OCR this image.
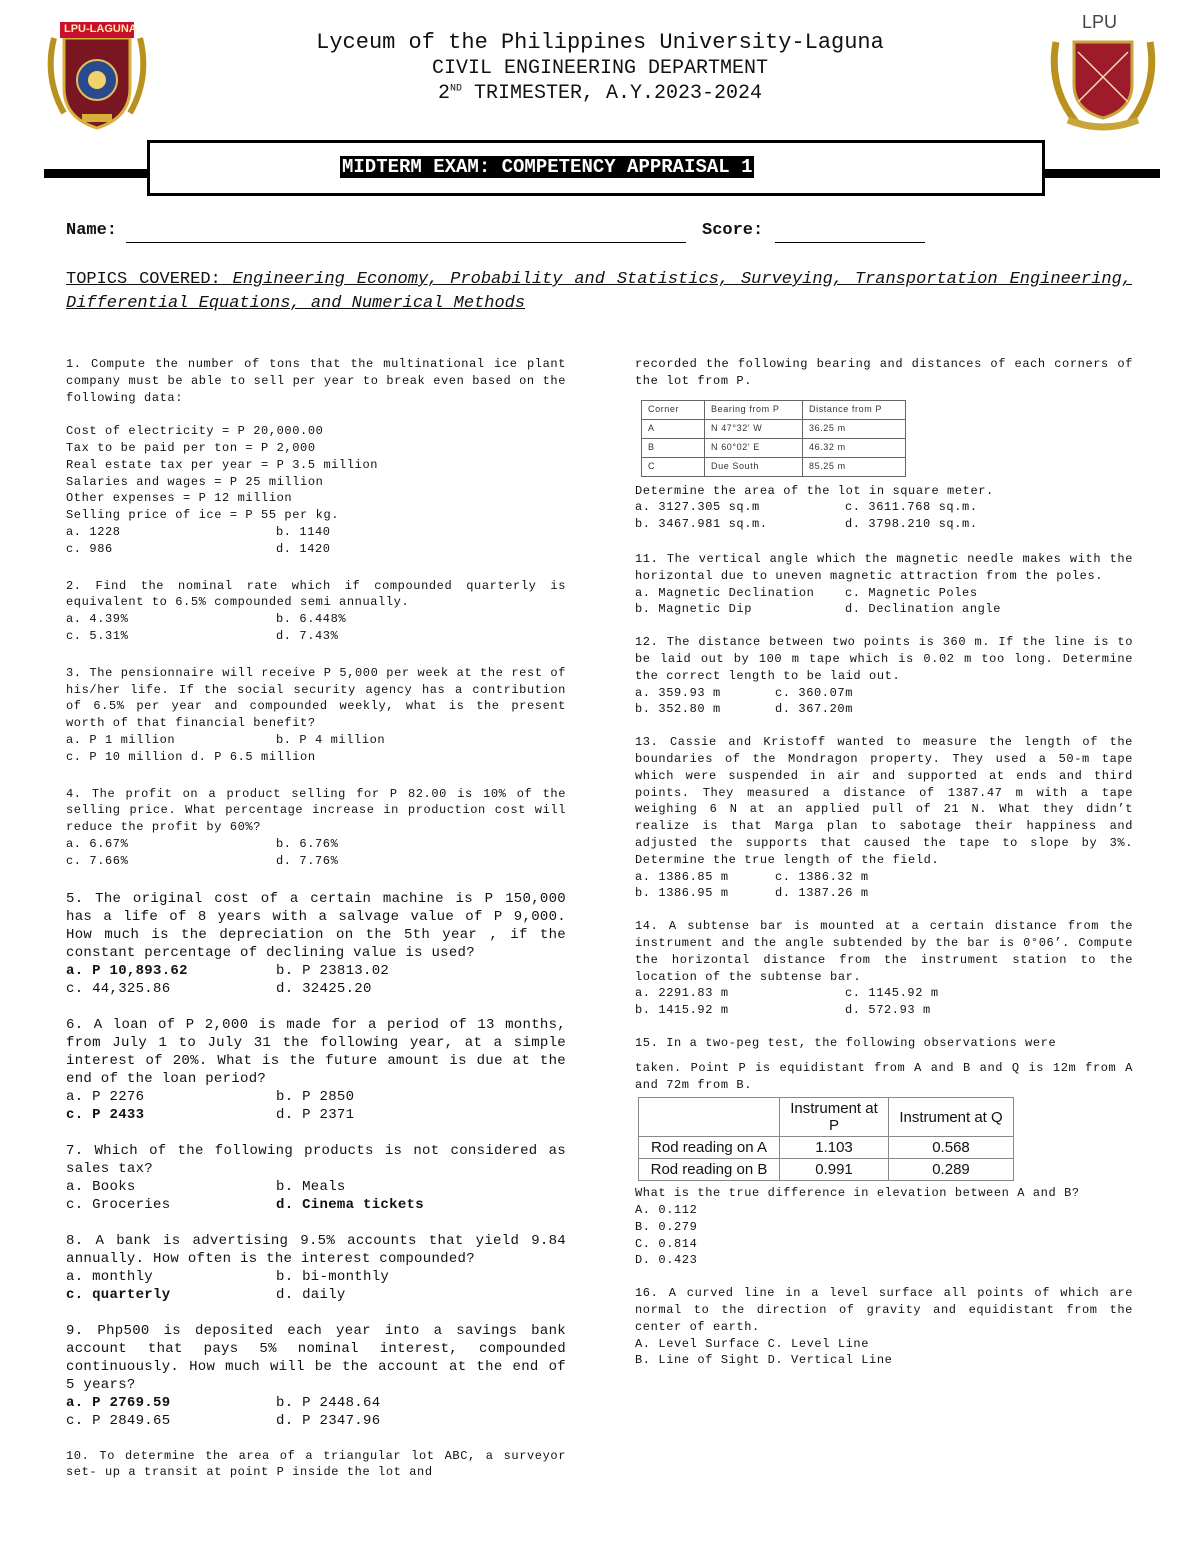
LPU-LAGUNA	LPU
Lyceum of the Philippines University-Laguna
CIVIL ENGINEERING DEPARTMENT
2ND TRIMESTER, A.Y.2023-2024
MIDTERM EXAM: COMPETENCY APPRAISAL 1
Name:	Score:
TOPICS COVERED: Engineering Economy, Probability and Statistics, Surveying, Transportation Engineering, Differential Equations, and Numerical Methods

1. Compute the number of tons that the multinational ice plant company must be able to sell per year to break even based on the following data:

Cost of electricity = P 20,000.00

Tax to be paid per ton = P 2,000

Real estate tax per year = P 3.5 million

Salaries and wages = P 25 million

Other expenses = P 12 million

Selling price of ice = P 55 per kg.

a. 1228	b. 1140
c. 986	d. 1420

2. Find the nominal rate which if compounded quarterly is equivalent to 6.5% compounded semi annually.

a. 4.39%	b. 6.448%
c. 5.31%	d. 7.43%

3. The pensionnaire will receive P 5,000 per week at the rest of his/her life. If the social security agency has a contribution of 6.5% per year and compounded weekly, what is the present worth of that financial benefit?

a. P 1 million	b. P 4 million

c. P 10 million d. P 6.5 million

4. The profit on a product selling for P 82.00 is 10% of the selling price. What percentage increase in production cost will reduce the profit by 60%?

a. 6.67%	b. 6.76%
c. 7.66%	d. 7.76%

5. The original cost of a certain machine is P 150,000 has a life of 8 years with a salvage value of P 9,000. How much is the depreciation on the 5th year , if the constant percentage of declining value is used?

a. P 10,893.62	b. P 23813.02
c. 44,325.86	d. 32425.20

6. A loan of P 2,000 is made for a period of 13 months, from July 1 to July 31 the following year, at a simple interest of 20%. What is the future amount is due at the end of the loan period?

a. P 2276	b. P 2850
c. P 2433	d. P 2371

7. Which of the following products is not considered as sales tax?

a. Books	b. Meals
c. Groceries	d. Cinema tickets

8. A bank is advertising 9.5% accounts that yield 9.84 annually. How often is the interest compounded?

a. monthly	b. bi-monthly
c. quarterly	d. daily

9. Php500 is deposited each year into a savings bank account that pays 5% nominal interest, compounded continuously. How much will be the account at the end of 5 years?

a. P 2769.59	b. P 2448.64
c. P 2849.65	d. P 2347.96

10. To determine the area of a triangular lot ABC, a surveyor set- up a transit at point P inside the lot and

recorded the following bearing and distances of each corners of the lot from P.

Corner	Bearing from P	Distance from P
A	N 47°32' W	36.25 m
B	N 60°02' E	46.32 m
C	Due South	85.25 m

Determine the area of the lot in square meter.

a. 3127.305 sq.m	c. 3611.768 sq.m.
b. 3467.981 sq.m.	d. 3798.210 sq.m.

11. The vertical angle which the magnetic needle makes with the horizontal due to uneven magnetic attraction from the poles.

a. Magnetic Declination	c. Magnetic Poles
b. Magnetic Dip	d. Declination angle

12. The distance between two points is 360 m. If the line is to be laid out by 100 m tape which is 0.02 m too long. Determine the correct length to be laid out.

a. 359.93 m	c. 360.07m
b. 352.80 m	d. 367.20m

13. Cassie and Kristoff wanted to measure the length of the boundaries of the Mondragon property. They used a 50-m tape which were suspended in air and supported at ends and third points. They measured a distance of 1387.47 m with a tape weighing 6 N at an applied pull of 21 N. What they didn’t realize is that Marga plan to sabotage their happiness and adjusted the supports that caused the tape to slope by 3%. Determine the true length of the field.

a. 1386.85 m	c. 1386.32 m
b. 1386.95 m	d. 1387.26 m

14. A subtense bar is mounted at a certain distance from the instrument and the angle subtended by the bar is 0°06’. Compute the horizontal distance from the instrument station to the location of the subtense bar.

a. 2291.83 m	c. 1145.92 m
b. 1415.92 m	d. 572.93 m

15. In a two-peg test, the following observations were

taken. Point P is equidistant from A and B and Q is 12m from A and 72m from B.

	Instrument at P	Instrument at Q
Rod reading on A	1.103	0.568
Rod reading on B	0.991	0.289

What is the true difference in elevation between A and B?

A. 0.112

B. 0.279

C. 0.814

D. 0.423

16. A curved line in a level surface all points of which are normal to the direction of gravity and equidistant from the center of earth.

A. Level Surface C. Level Line

B. Line of Sight D. Vertical Line
